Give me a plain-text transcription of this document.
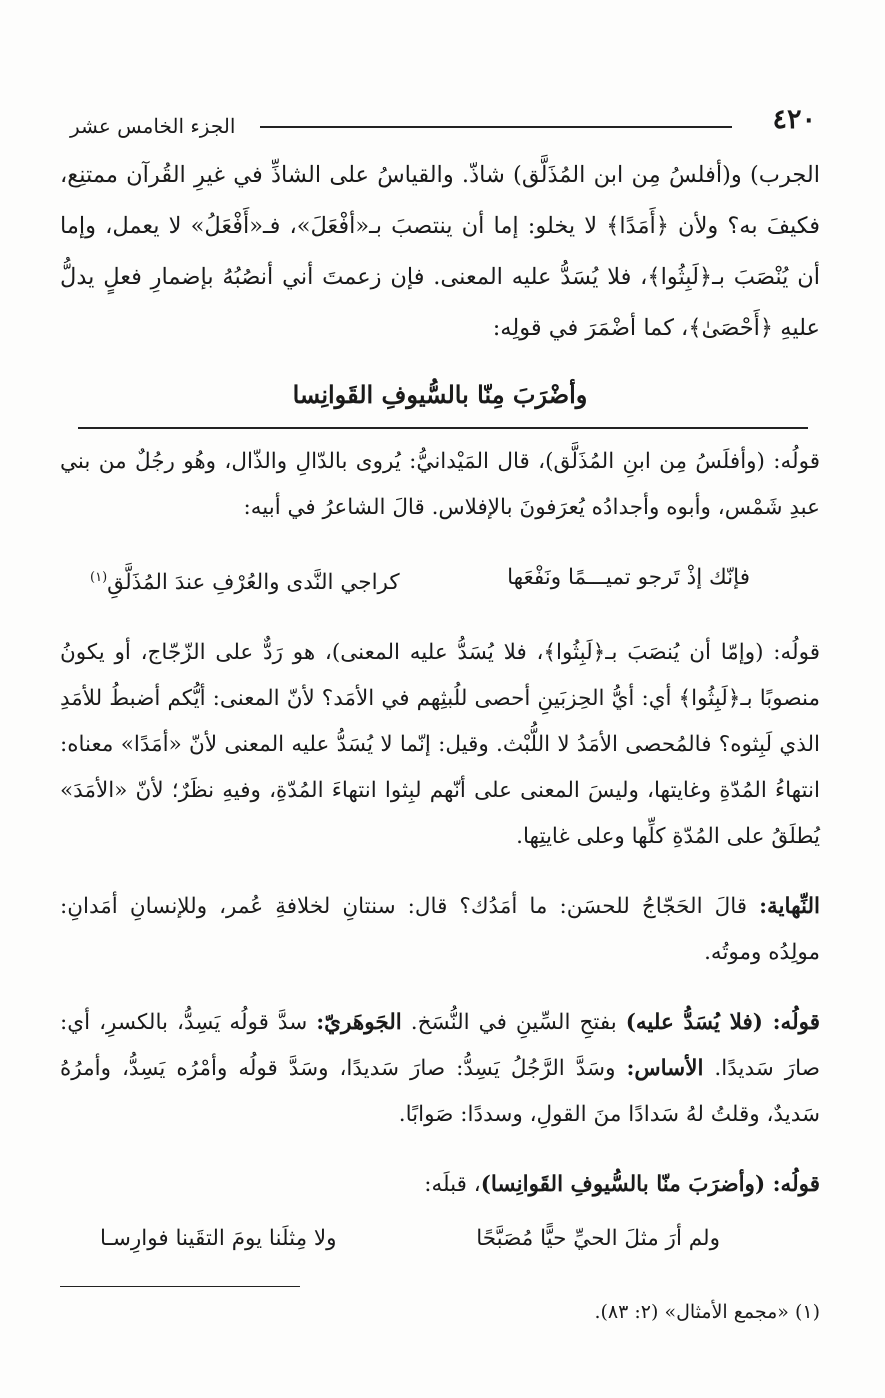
٤٢٠
الجزء الخامس عشر

الجرب) و(أفلسُ مِن ابن المُذَلَّق) شاذّ. والقياسُ على الشاذِّ في غيرِ القُرآن ممتنِع، فكيفَ به؟ ولأن ﴿أَمَدًا﴾ لا يخلو: إما أن ينتصبَ بـ«أفْعَلَ»، فـ«أَفْعَلُ» لا يعمل، وإما أن يُنْصَبَ بـ﴿لَبِثُوا﴾، فلا يُسَدُّ عليه المعنى. فإن زعمتَ أني أنصُبُهُ بإضمارِ فعلٍ يدلُّ عليهِ ﴿أَحْصَىٰ﴾، كما أضْمَرَ في قولِه:

وأضْرَبَ مِنّا بالسُّيوفِ القَوانِسا

قولُه: (وأفلَسُ مِن ابنِ المُذَلَّق)، قال المَيْدانيُّ: يُروى بالدّالِ والذّال، وهُو رجُلٌ من بني عبدِ شَمْس، وأبوه وأجدادُه يُعرَفونَ بالإفلاس. قالَ الشاعرُ في أبيه:

فإنّك إذْ تَرجو تميـــمًا ونَفْعَها
كراجي النَّدى والعُرْفِ عندَ المُذَلَّقِ$^{(١)}$

قولُه: (وإمّا أن يُنصَبَ بـ﴿لَبِثُوا﴾، فلا يُسَدُّ عليه المعنى)، هو رَدٌّ على الزّجّاج، أو يكونُ منصوبًا بـ﴿لَبِثُوا﴾ أي: أيُّ الحِزبَينِ أحصى للُبثِهم في الأمَد؟ لأنّ المعنى: أيُّكم أضبطُ للأمَدِ الذي لَبِثوه؟ فالمُحصى الأمَدُ لا اللُّبْث. وقيل: إنّما لا يُسَدُّ عليه المعنى لأنّ «أمَدًا» معناه: انتهاءُ المُدّةِ وغايتها، وليسَ المعنى على أنّهم لبِثوا انتهاءَ المُدّةِ، وفيهِ نظَرٌ؛ لأنّ «الأمَدَ» يُطلَقُ على المُدّةِ كلِّها وعلى غايتِها.

النِّهاية: قالَ الحَجّاجُ للحسَن: ما أمَدُك؟ قال: سنتانِ لخلافةِ عُمر، وللإنسانِ أمَدانِ: مولِدُه وموتُه.

قولُه: (فلا يُسَدُّ عليه) بفتحِ السِّينِ في النُّسَخ. الجَوهَريّ: سدَّ قولُه يَسِدُّ، بالكسرِ، أي: صارَ سَديدًا. الأساس: وسَدَّ الرَّجُلُ يَسِدُّ: صارَ سَديدًا، وسَدَّ قولُه وأمْرُه يَسِدُّ، وأمرُهُ سَديدٌ، وقلتُ لهُ سَدادًا منَ القولِ، وسددًا: صَوابًا.

قولُه: (وأضرَبَ منّا بالسُّيوفِ القَوانِسا)، قبلَه:

ولم أرَ مثلَ الحيِّ حيًّا مُصَبَّحًا
ولا مِثلَنا يومَ التقَينا فوارِسـا
(١) «مجمع الأمثال» (٢: ٨٣).
